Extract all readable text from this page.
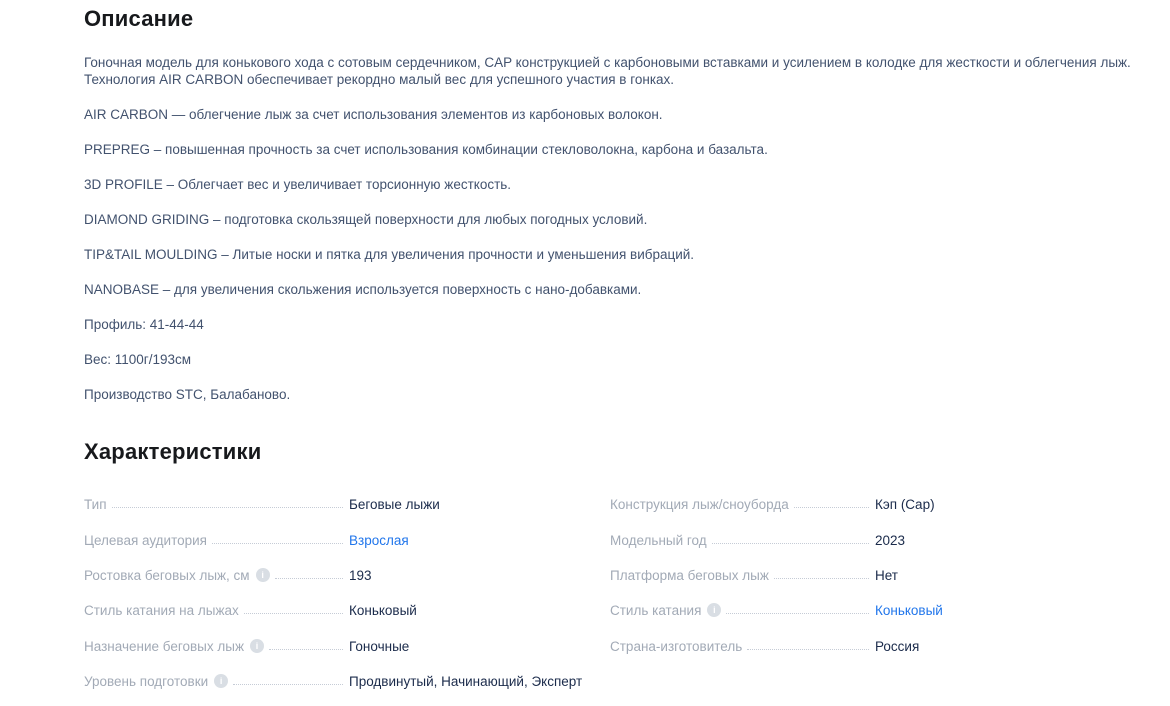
Описание

Гоночная модель для конькового хода с сотовым сердечником, CAP конструкцией с карбоновыми вставками и усилением в колодке для жесткости и облегчения лыж. Технология AIR CARBON обеспечивает рекордно малый вес для успешного участия в гонках.

AIR CARBON — облегчение лыж за счет использования элементов из карбоновых волокон.

PREPREG – повышенная прочность за счет использования комбинации стекловолокна, карбона и базальта.

3D PROFILE – Облегчает вес и увеличивает торсионную жесткость.

DIAMOND GRIDING – подготовка скользящей поверхности для любых погодных условий.

TIP&TAIL MOULDING – Литые носки и пятка для увеличения прочности и уменьшения вибраций.

NANOBASE – для увеличения скольжения используется поверхность с нано-добавками.

Профиль: 41-44-44

Вес: 1100г/193см

Производство STC, Балабаново.

Характеристики
Тип	Беговые лыжи
Целевая аудитория	Взрослая
Ростовка беговых лыж, см	i	193
Стиль катания на лыжах	Коньковый
Назначение беговых лыж	i	Гоночные
Уровень подготовки	i	Продвинутый, Начинающий, Эксперт
Конструкция лыж/сноуборда	Кэп (Cap)
Модельный год	2023
Платформа беговых лыж	Нет
Стиль катания	i	Коньковый
Страна-изготовитель	Россия
